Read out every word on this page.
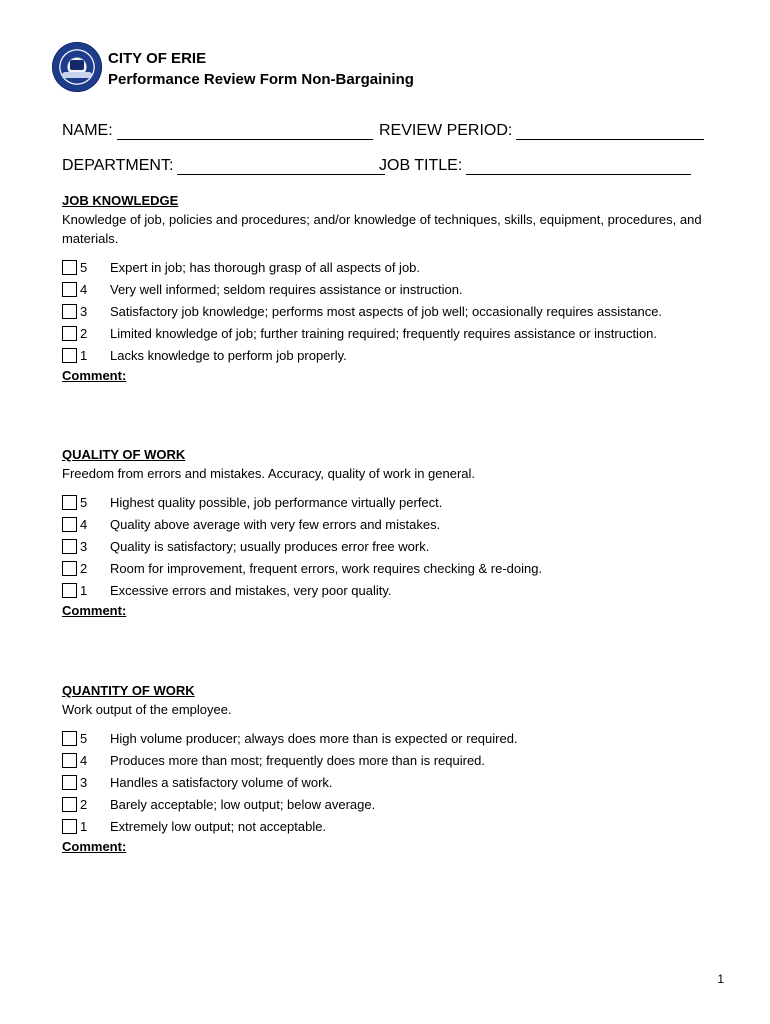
CITY OF ERIE
Performance Review Form Non-Bargaining
NAME:	REVIEW PERIOD:
DEPARTMENT:	JOB TITLE:
JOB KNOWLEDGE
Knowledge of job, policies and procedures; and/or knowledge of techniques, skills, equipment, procedures, and materials.
5	Expert in job; has thorough grasp of all aspects of job.
4	Very well informed; seldom requires assistance or instruction.
3	Satisfactory job knowledge; performs most aspects of job well; occasionally requires assistance.
2	Limited knowledge of job; further training required; frequently requires assistance or instruction.
1	Lacks knowledge to perform job properly.
Comment:
QUALITY OF WORK
Freedom from errors and mistakes. Accuracy, quality of work in general.
5	Highest quality possible, job performance virtually perfect.
4	Quality above average with very few errors and mistakes.
3	Quality is satisfactory; usually produces error free work.
2	Room for improvement, frequent errors, work requires checking & re-doing.
1	Excessive errors and mistakes, very poor quality.
Comment:
QUANTITY OF WORK
Work output of the employee.
5	High volume producer; always does more than is expected or required.
4	Produces more than most; frequently does more than is required.
3	Handles a satisfactory volume of work.
2	Barely acceptable; low output; below average.
1	Extremely low output; not acceptable.
Comment:
1
